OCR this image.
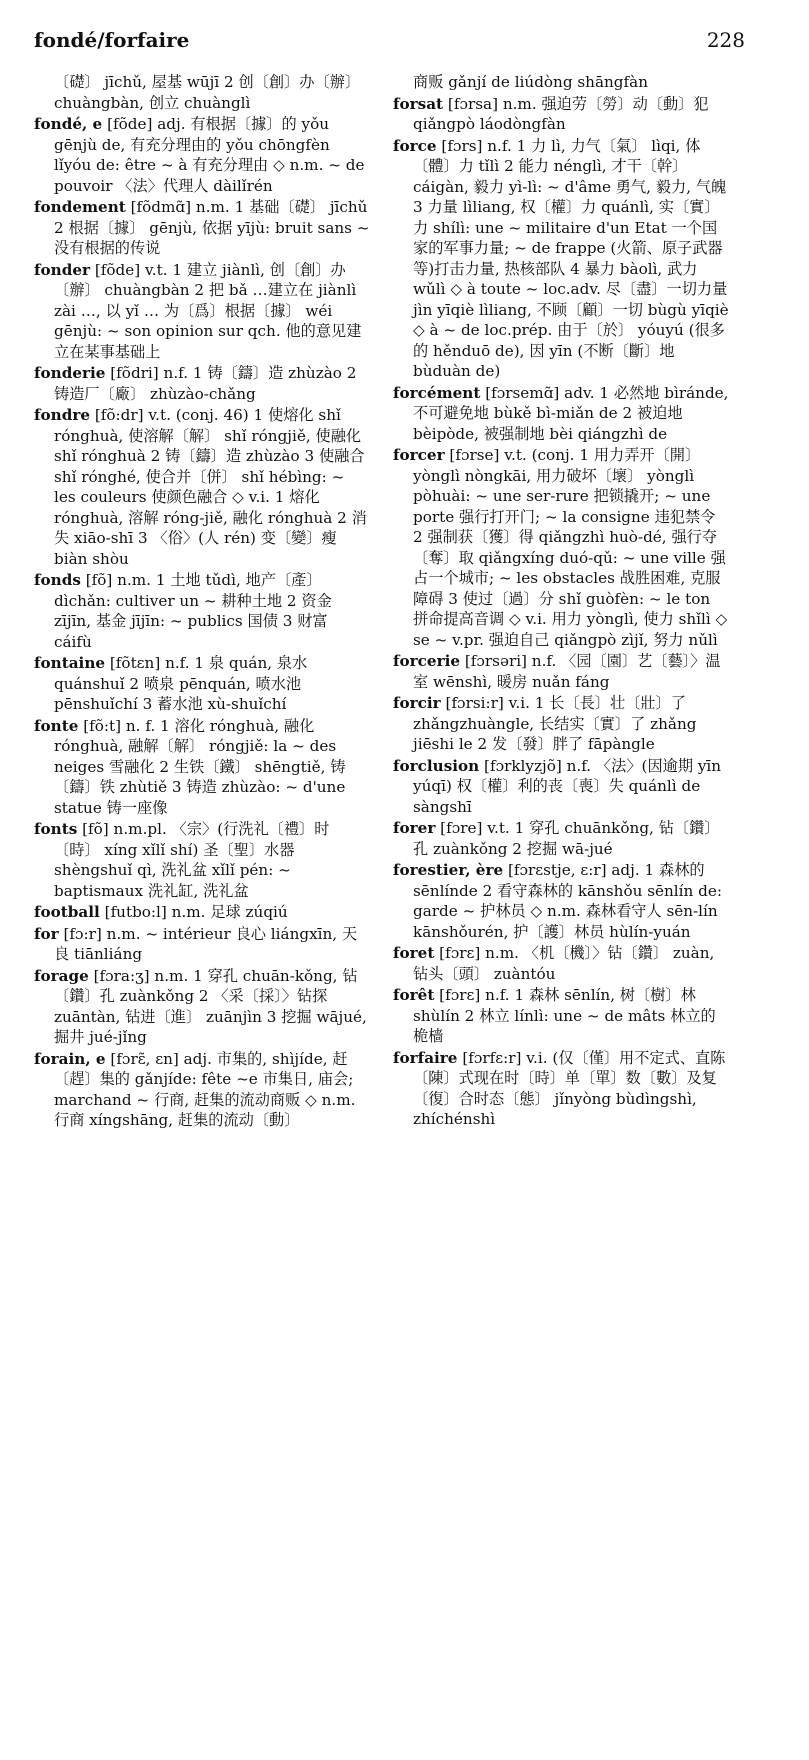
fondé/forfaire	228
〔礎〕 jīchǔ, 屋基 wūjī 2 创〔創〕办〔辦〕 chuàngbàn, 创立 chuànglì
fondé, e [fõde] adj. 有根据〔據〕的 yǒu gēnjù de, 有充分理由的 yǒu chōngfèn lǐyóu de: être ~ à 有充分理由 ◇ n.m. ~ de pouvoir 〈法〉代理人 dàilǐrén
fondement [fõdmɑ̃] n.m. 1 基础〔礎〕 jīchǔ 2 根据〔據〕 gēnjù, 依据 yījù: bruit sans ~ 没有根据的传说
fonder [fõde] v.t. 1 建立 jiànlì, 创〔創〕办〔辦〕 chuàngbàn 2 把 bǎ …建立在 jiànlì zài …, 以 yǐ … 为〔爲〕根据〔據〕 wéi gēnjù: ~ son opinion sur qch. 他的意见建立在某事基础上
fonderie [fõdri] n.f. 1 铸〔鑄〕造 zhùzào 2 铸造厂〔廠〕 zhùzào-chǎng
fondre [fõ:dr] v.t. (conj. 46) 1 使熔化 shǐ rónghuà, 使溶解〔解〕 shǐ róngjiě, 使融化 shǐ rónghuà 2 铸〔鑄〕造 zhùzào 3 使融合 shǐ rónghé, 使合并〔併〕 shǐ hébìng: ~ les couleurs 使颜色融合 ◇ v.i. 1 熔化 rónghuà, 溶解 róng-jiě, 融化 rónghuà 2 消失 xiāo-shī 3 〈俗〉(人 rén) 变〔變〕瘦 biàn shòu
fonds [fõ] n.m. 1 土地 tǔdì, 地产〔產〕 dìchǎn: cultiver un ~ 耕种土地 2 资金 zījīn, 基金 jījīn: ~ publics 国债 3 财富 cáifù
fontaine [fõtɛn] n.f. 1 泉 quán, 泉水 quánshuǐ 2 喷泉 pēnquán, 喷水池 pēnshuǐchí 3 蓄水池 xù-shuǐchí
fonte [fõ:t] n. f. 1 溶化 rónghuà, 融化 rónghuà, 融解〔解〕 róngjiě: la ~ des neiges 雪融化 2 生铁〔鐵〕 shēngtiě, 铸〔鑄〕铁 zhùtiě 3 铸造 zhùzào: ~ d'une statue 铸一座像
fonts [fõ] n.m.pl. 〈宗〉(行洗礼〔禮〕时〔時〕 xíng xǐlǐ shí) 圣〔聖〕水器 shèngshuǐ qì, 洗礼盆 xǐlǐ pén: ~ baptismaux 洗礼缸, 洗礼盆
football [futbo:l] n.m. 足球 zúqiú
for [fɔ:r] n.m. ~ intérieur 良心 liángxīn, 天良 tiānliáng
forage [fɔra:ʒ] n.m. 1 穿孔 chuān-kǒng, 钻〔鑽〕孔 zuànkǒng 2 〈采〔採〕〉钻探 zuāntàn, 钻进〔進〕 zuānjìn 3 挖掘 wājué, 掘井 jué-jǐng
forain, e [fɔrɛ̃, ɛn] adj. 市集的, shìjíde, 赶〔趕〕集的 gǎnjíde: fête ~e 市集日, 庙会; marchand ~ 行商, 赶集的流动商贩 ◇ n.m. 行商 xíngshāng, 赶集的流动〔動〕
商贩 gǎnjí de liúdòng shāngfàn
forsat [fɔrsa] n.m. 强迫劳〔勞〕动〔動〕犯 qiǎngpò láodòngfàn
force [fɔrs] n.f. 1 力 lì, 力气〔氣〕 lìqi, 体〔體〕力 tǐlì 2 能力 nénglì, 才干〔幹〕 cáigàn, 毅力 yì-lì: ~ d'âme 勇气, 毅力, 气魄 3 力量 lìliang, 权〔權〕力 quánlì, 实〔實〕力 shílì: une ~ militaire d'un Etat 一个国家的军事力量; ~ de frappe (火箭、原子武器等)打击力量, 热核部队 4 暴力 bàolì, 武力 wǔlì ◇ à toute ~ loc.adv. 尽〔盡〕一切力量 jìn yīqiè lìliang, 不顾〔顧〕一切 bùgù yīqiè ◇ à ~ de loc.prép. 由于〔於〕 yóuyú (很多的 hěnduō de), 因 yīn (不断〔斷〕地 bùduàn de)
forcément [fɔrsemɑ̃] adv. 1 必然地 bìrándе, 不可避免地 bùkě bì-miǎn de 2 被迫地 bèipòde, 被强制地 bèi qiángzhì de
forcer [fɔrse] v.t. (conj. 1 用力弄开〔開〕 yònglì nòngkāi, 用力破坏〔壞〕 yònglì pòhuài: ~ une ser-rure 把锁撬开; ~ une porte 强行打开门; ~ la consigne 违犯禁令 2 强制获〔獲〕得 qiǎngzhì huò-dé, 强行夺〔奪〕取 qiǎngxíng duó-qǔ: ~ une ville 强占一个城市; ~ les obstacles 战胜困难, 克服障碍 3 使过〔過〕分 shǐ guòfèn: ~ le ton 拼命提高音调 ◇ v.i. 用力 yònglì, 使力 shǐlì ◇ se ~ v.pr. 强迫自己 qiǎngpò zìjǐ, 努力 nǔlì
forcerie [fɔrsəri] n.f. 〈园〔園〕艺〔藝〕〉温室 wēnshì, 暖房 nuǎn fáng
forcir [fɔrsi:r] v.i. 1 长〔長〕壮〔壯〕了 zhǎngzhuàngle, 长结实〔實〕了 zhǎng jiēshi le 2 发〔發〕胖了 fāpàngle
forclusion [fɔrklyzjõ] n.f. 〈法〉(因逾期 yīn yúqī) 权〔權〕利的丧〔喪〕失 quánlì de sàngshī
forer [fɔre] v.t. 1 穿孔 chuānkǒng, 钻〔鑽〕孔 zuànkǒng 2 挖掘 wā-jué
forestier, ère [fɔrɛstje, ɛ:r] adj. 1 森林的 sēnlínde 2 看守森林的 kānshǒu sēnlín de: garde ~ 护林员 ◇ n.m. 森林看守人 sēn-lín kānshǒurén, 护〔護〕林员 hùlín-yuán
foret [fɔrɛ] n.m. 〈机〔機〕〉钻〔鑽〕 zuàn, 钻头〔頭〕 zuàntóu
forêt [fɔrɛ] n.f. 1 森林 sēnlín, 树〔樹〕林 shùlín 2 林立 línlì: une ~ de mâts 林立的桅樯
forfaire [fɔrfɛ:r] v.i. (仅〔僅〕用不定式、直陈〔陳〕式现在时〔時〕单〔單〕数〔數〕及复〔復〕合时态〔態〕 jǐnyòng bùdìngshì, zhíchénshì
